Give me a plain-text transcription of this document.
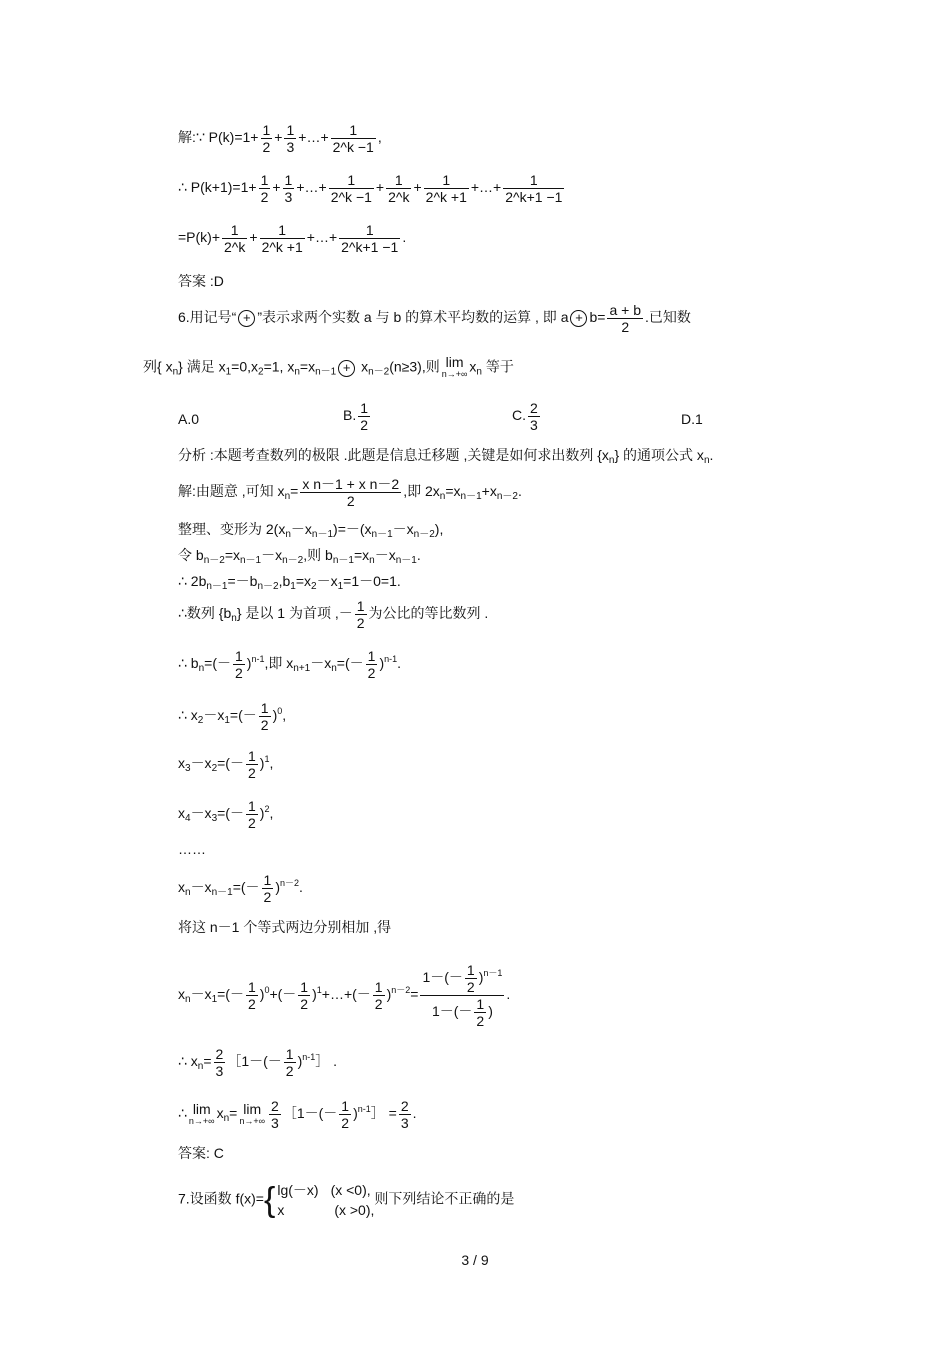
解:∵ $P(k)=1+ \frac{1}{2} + \frac{1}{3}$ +…+ $\frac{1}{2\^{}k -1}$ ,
∴ $P(k+1)=1+ \frac{1}{2} + \frac{1}{3}$ +…+ $\frac{1}{2\^{}k -1} + \frac{1}{2\^{}k} + \frac{1}{2\^{}k +1}$ +…+ $\frac{1}{2\^{}k+1 -1}$
$=P(k)+ \frac{1}{2\^{}k} + \frac{1}{2\^{}k +1}$ +…+ $\frac{1}{2\^{}k+1 -1}$ .
答案 :D
6.用记号“ + ”表示求两个实数 a 与 b 的算术平均数的运算 , 即 $a + b= \frac{a + b}{2}$ .已知数
列{ $x_n$} 满足 $x_1=0,x_2=1$, $x_n=x_{n-1} + x_{n-2}(n\ge 3)$,则 lim
n→+∞ $x_n$ 等于
A.0	B. $\frac{1}{2}$	C. $\frac{2}{3}$	D.1
分析 :本题考查数列的极限 .此题是信息迁移题 ,关键是如何求出数列 $\{x_n\}$ 的通项公式 $x_n$.
解:由题意 ,可知 $x_n= \frac{\text{x n－1 + x n－2}}{2}$ ,即 $2x_n=x_{n-1}+x_{n-2}$.
整理、变形为 $2(x_n-x_{n-1})=-(x_{n-1}-x_{n-2})$,
令 $b_{n-2}=x_{n-1}-x_{n-2}$,则 $b_{n-1}=x_n-x_{n-1}$.
∴ $2b_{n-1}=-b_{n-2},b_1=x_2-x_1=1-0=1$.
∴数列 $\{b_n\}$ 是以 1 为首项 ,－ $\frac{1}{2}$ 为公比的等比数列 .
∴ $b_n=(- \frac{1}{2} )^{n-1}$,即 $x_{n+1}-x_n=(- \frac{1}{2} )^{n-1}$.
∴ $x_2-x_1=(- \frac{1}{2} )^0$,
$x_3-x_2=(- \frac{1}{2} )^1$,
$x_4-x_3=(- \frac{1}{2} )^2$,
……
$x_n-x_{n-1}=(- \frac{1}{2} )^{n-2}$.
将这 n－1 个等式两边分别相加 ,得
$x_n-x_1=(- \frac{1}{2} )^0+(- \frac{1}{2}$ )$^1+\dots+(- \frac{1}{2} )^{n-2}= \frac{1-(- \frac{1}{2} )^{n-1}}{1-(- \frac{1}{2} )}$ .
∴ $x_n= \frac{2}{3}$ ［1－(－ $\frac{1}{2}$ )$^{n-1}$］ .
∴ lim
n→+∞ $x_n= \lim$
$n\to+\infty \frac{2}{3}$ ［1－(－ $\frac{1}{2}$ )$^{n-1}$］ = $\frac{2}{3}$ .
答案: C
7.设函数 f(x)={ lg(－x) (x <0),
x	(x >0),
则下列结论不正确的是
3 / 9
